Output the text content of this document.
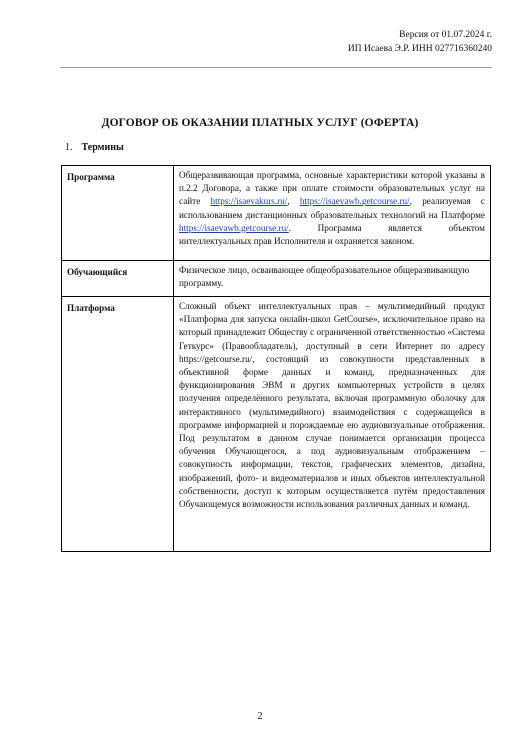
Версия от 01.07.2024 г.
ИП Исаева Э.Р. ИНН 027716360240
ДОГОВОР ОБ ОКАЗАНИИ ПЛАТНЫХ УСЛУГ (ОФЕРТА)
1. Термины
Программа	Общеразвивающая программа, основные характеристики которой указаны в п.2.2 Договора, а также при оплате стоимости образовательных услуг на сайте https://isaevakurs.ru/, https://isaevawb.getcourse.ru/, реализуемая с использованием дистанционных образовательных технологий на Платформе https://isaevawb.getcourse.ru/. Программа является объектом интеллектуальных прав Исполнителя и охраняется законом.
Обучающийся	Физическое лицо, осваивающее общеобразовательное общеразвивающую программу.
Платформа	Сложный объект интеллектуальных прав – мультимедийный продукт «Платформа для запуска онлайн-школ GetCourse», исключительное право на который принадлежит Обществу с ограниченной ответственностью «Система Геткурс» (Правообладатель), доступный в сети Интернет по адресу https://getcourse.ru/, состоящий из совокупности представленных в объективной форме данных и команд, предназначенных для функционирования ЭВМ и других компьютерных устройств в целях получения определённого результата, включая программную оболочку для интерактивного (мультимедийного) взаимодействия с содержащейся в программе информацией и порождаемые ею аудиовизуальные отображения. Под результатом в данном случае понимается организация процесса обучения Обучающегося, а под аудиовизуальным отображением – совокупность информации, текстов, графических элементов, дизайна, изображений, фото- и видеоматериалов и иных объектов интеллектуальной собственности, доступ к которым осуществляется путём предоставления Обучающемуся возможности использования различных данных и команд.
2
